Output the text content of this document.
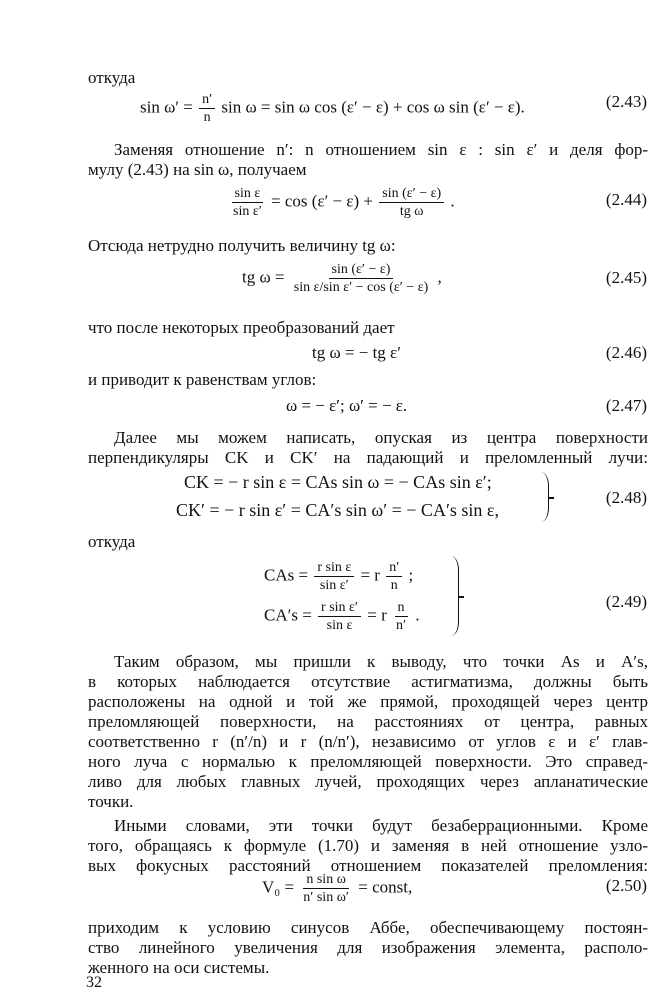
откуда
$\sin \omega' = \frac{n'}{n}$ sin ω = sin ω cos (ε′ − ε) + cos ω sin (ε′ − ε).	(2.43)
Заменяя отношение n′: n отношением sin ε : sin ε′ и деля фор-
мулу (2.43) на sin ω, получаем
$\frac{\text{sin ε}}{\text{sin ε′}} = \cos (\varepsilon' - \varepsilon) + \frac{\sin (\varepsilon' - \varepsilon)}{\text{tg ω}}$ .	(2.44)
Отсюда нетрудно получить величину tg ω:
tg $\omega = \frac{\sin (\varepsilon' - \varepsilon)}{\text{sin ε/sin ε′ − cos (ε′ − ε)}}$ ,	(2.45)
что после некоторых преобразований дает
tg ω = − tg ε′	(2.46)
и приводит к равенствам углов:
ω = − ε′; ω′ = − ε.	(2.47)
Далее мы можем написать, опуская из центра поверхности
перпендикуляры CK и CK′ на падающий и преломленный лучи:
CK = − r sin ε = CAs sin ω = − CAs sin ε′;
CK′ = − r sin ε′ = CA′s sin ω′ = − CA′s sin ε,
(2.48)
откуда
CAs = $\frac{\text{r sin ε}}{\text{sin ε′}} = r \frac{n'}{n}$ ;
$CA's = \frac{\text{r sin ε′}}{\text{sin ε}} = r \frac{n}{n'}$ .
(2.49)
Таким образом, мы пришли к выводу, что точки As и A′s,
в которых наблюдается отсутствие астигматизма, должны быть
расположены на одной и той же прямой, проходящей через центр
преломляющей поверхности, на расстояниях от центра, равных
соответственно r (n′/n) и r (n/n′), независимо от углов ε и ε′ глав-
ного луча с нормалью к преломляющей поверхности. Это справед-
ливо для любых главных лучей, проходящих через апланатические
точки.
Иными словами, эти точки будут безаберрационными. Кроме
того, обращаясь к формуле (1.70) и заменяя в ней отношение узло-
вых фокусных расстояний отношением показателей преломления:
$V_0 = \frac{\text{n sin ω}}{\text{n′ sin ω′}}$ = const,	(2.50)
приходим к условию синусов Аббе, обеспечивающему постоян-
ство линейного увеличения для изображения элемента, располо-
женного на оси системы.
32
